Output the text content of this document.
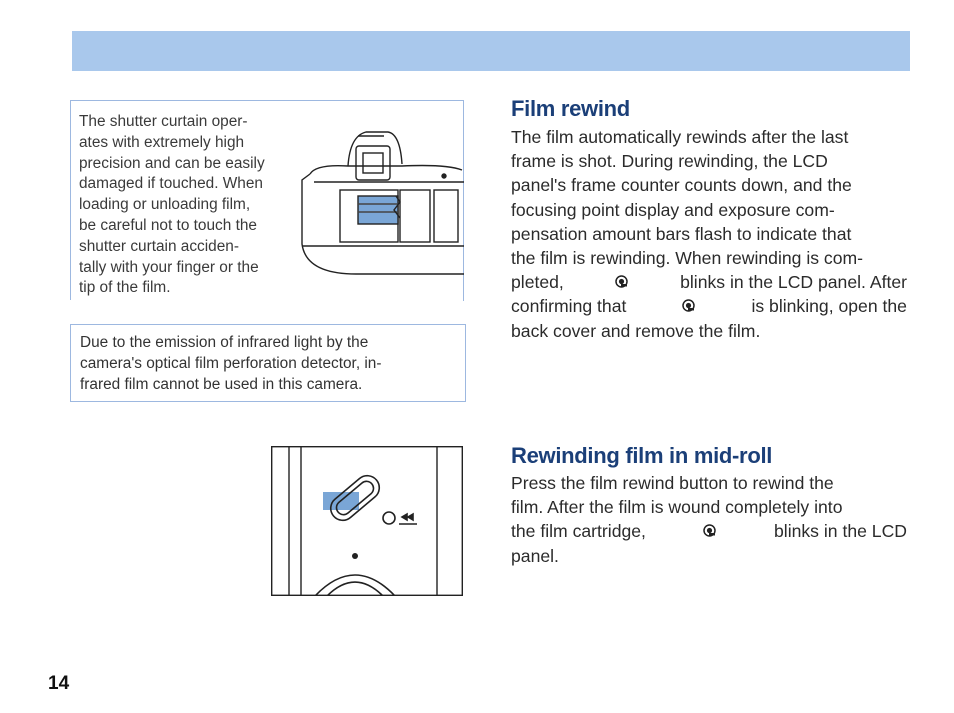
The shutter curtain oper-
ates with extremely high
precision and can be easily
damaged if touched. When
loading or unloading film,
be careful not to touch the
shutter curtain acciden-
tally with your finger or the
tip of the film.
Due to the emission of infrared light by the
camera's optical film perforation detector, in-
frared film cannot be used in this camera.
Film rewind
The film automatically rewinds after the last
frame is shot. During rewinding, the LCD
panel's frame counter counts down, and the
focusing point display and exposure com-
pensation amount bars flash to indicate that
the film is rewinding. When rewinding is com-
pleted,	blinks in the LCD panel. After
confirming that	is blinking, open the
back cover and remove the film.
Rewinding film in mid-roll
Press the film rewind button to rewind the
film. After the film is wound completely into
the film cartridge,	blinks in the LCD
panel.
14
